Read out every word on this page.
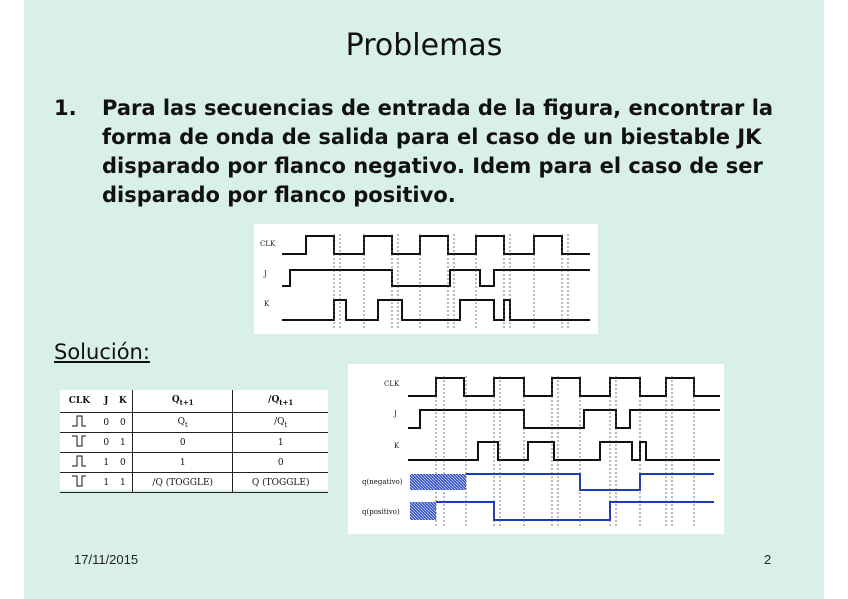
Problemas
1. Para las secuencias de entrada de la figura, encontrar la forma de onda de salida para el caso de un biestable JK disparado por flanco negativo. Idem para el caso de ser disparado por flanco positivo.
CLK
J
K
Solución:
CLK	J	K	$Q_{t+1}$	$/Q_{t+1}$
	0	0	$Q_t$	$/Q_t$
	0	1	0	1
	1	0	1	0
	1	1	/Q (TOGGLE)	Q (TOGGLE)
CLK
J
K
q(negativo)
q(positivo)
17/11/2015	2
